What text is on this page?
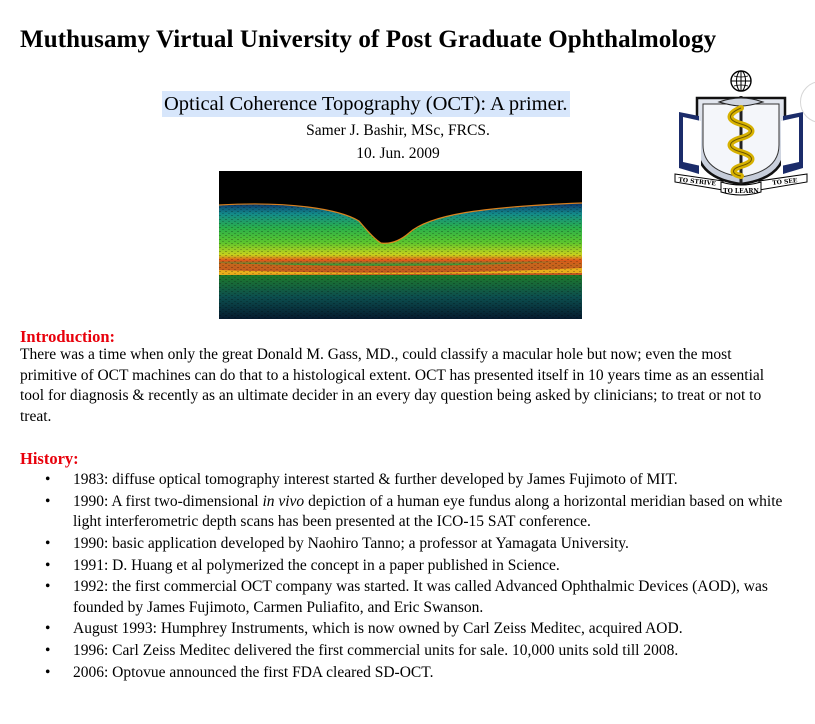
Muthusamy Virtual University of Post Graduate Ophthalmology
Optical Coherence Topography (OCT): A primer.
Samer J. Bashir, MSc, FRCS.
10. Jun. 2009
TO STRIVE
TO LEARN
TO SEE
Introduction:

There was a time when only the great Donald M. Gass, MD., could classify a macular hole but now; even the most primitive of OCT machines can do that to a histological extent. OCT has presented itself in 10 years time as an essential tool for diagnosis & recently as an ultimate decider in an every day question being asked by clinicians; to treat or not to treat.

History:
• 1983: diffuse optical tomography interest started & further developed by James Fujimoto of MIT.
• 1990: A first two-dimensional in vivo depiction of a human eye fundus along a horizontal meridian based on white light interferometric depth scans has been presented at the ICO-15 SAT conference.
• 1990: basic application developed by Naohiro Tanno; a professor at Yamagata University.
• 1991: D. Huang et al polymerized the concept in a paper published in Science.
• 1992: the first commercial OCT company was started. It was called Advanced Ophthalmic Devices (AOD), was founded by James Fujimoto, Carmen Puliafito, and Eric Swanson.
• August 1993: Humphrey Instruments, which is now owned by Carl Zeiss Meditec, acquired AOD.
• 1996: Carl Zeiss Meditec delivered the first commercial units for sale. 10,000 units sold till 2008.
• 2006: Optovue announced the first FDA cleared SD-OCT.
